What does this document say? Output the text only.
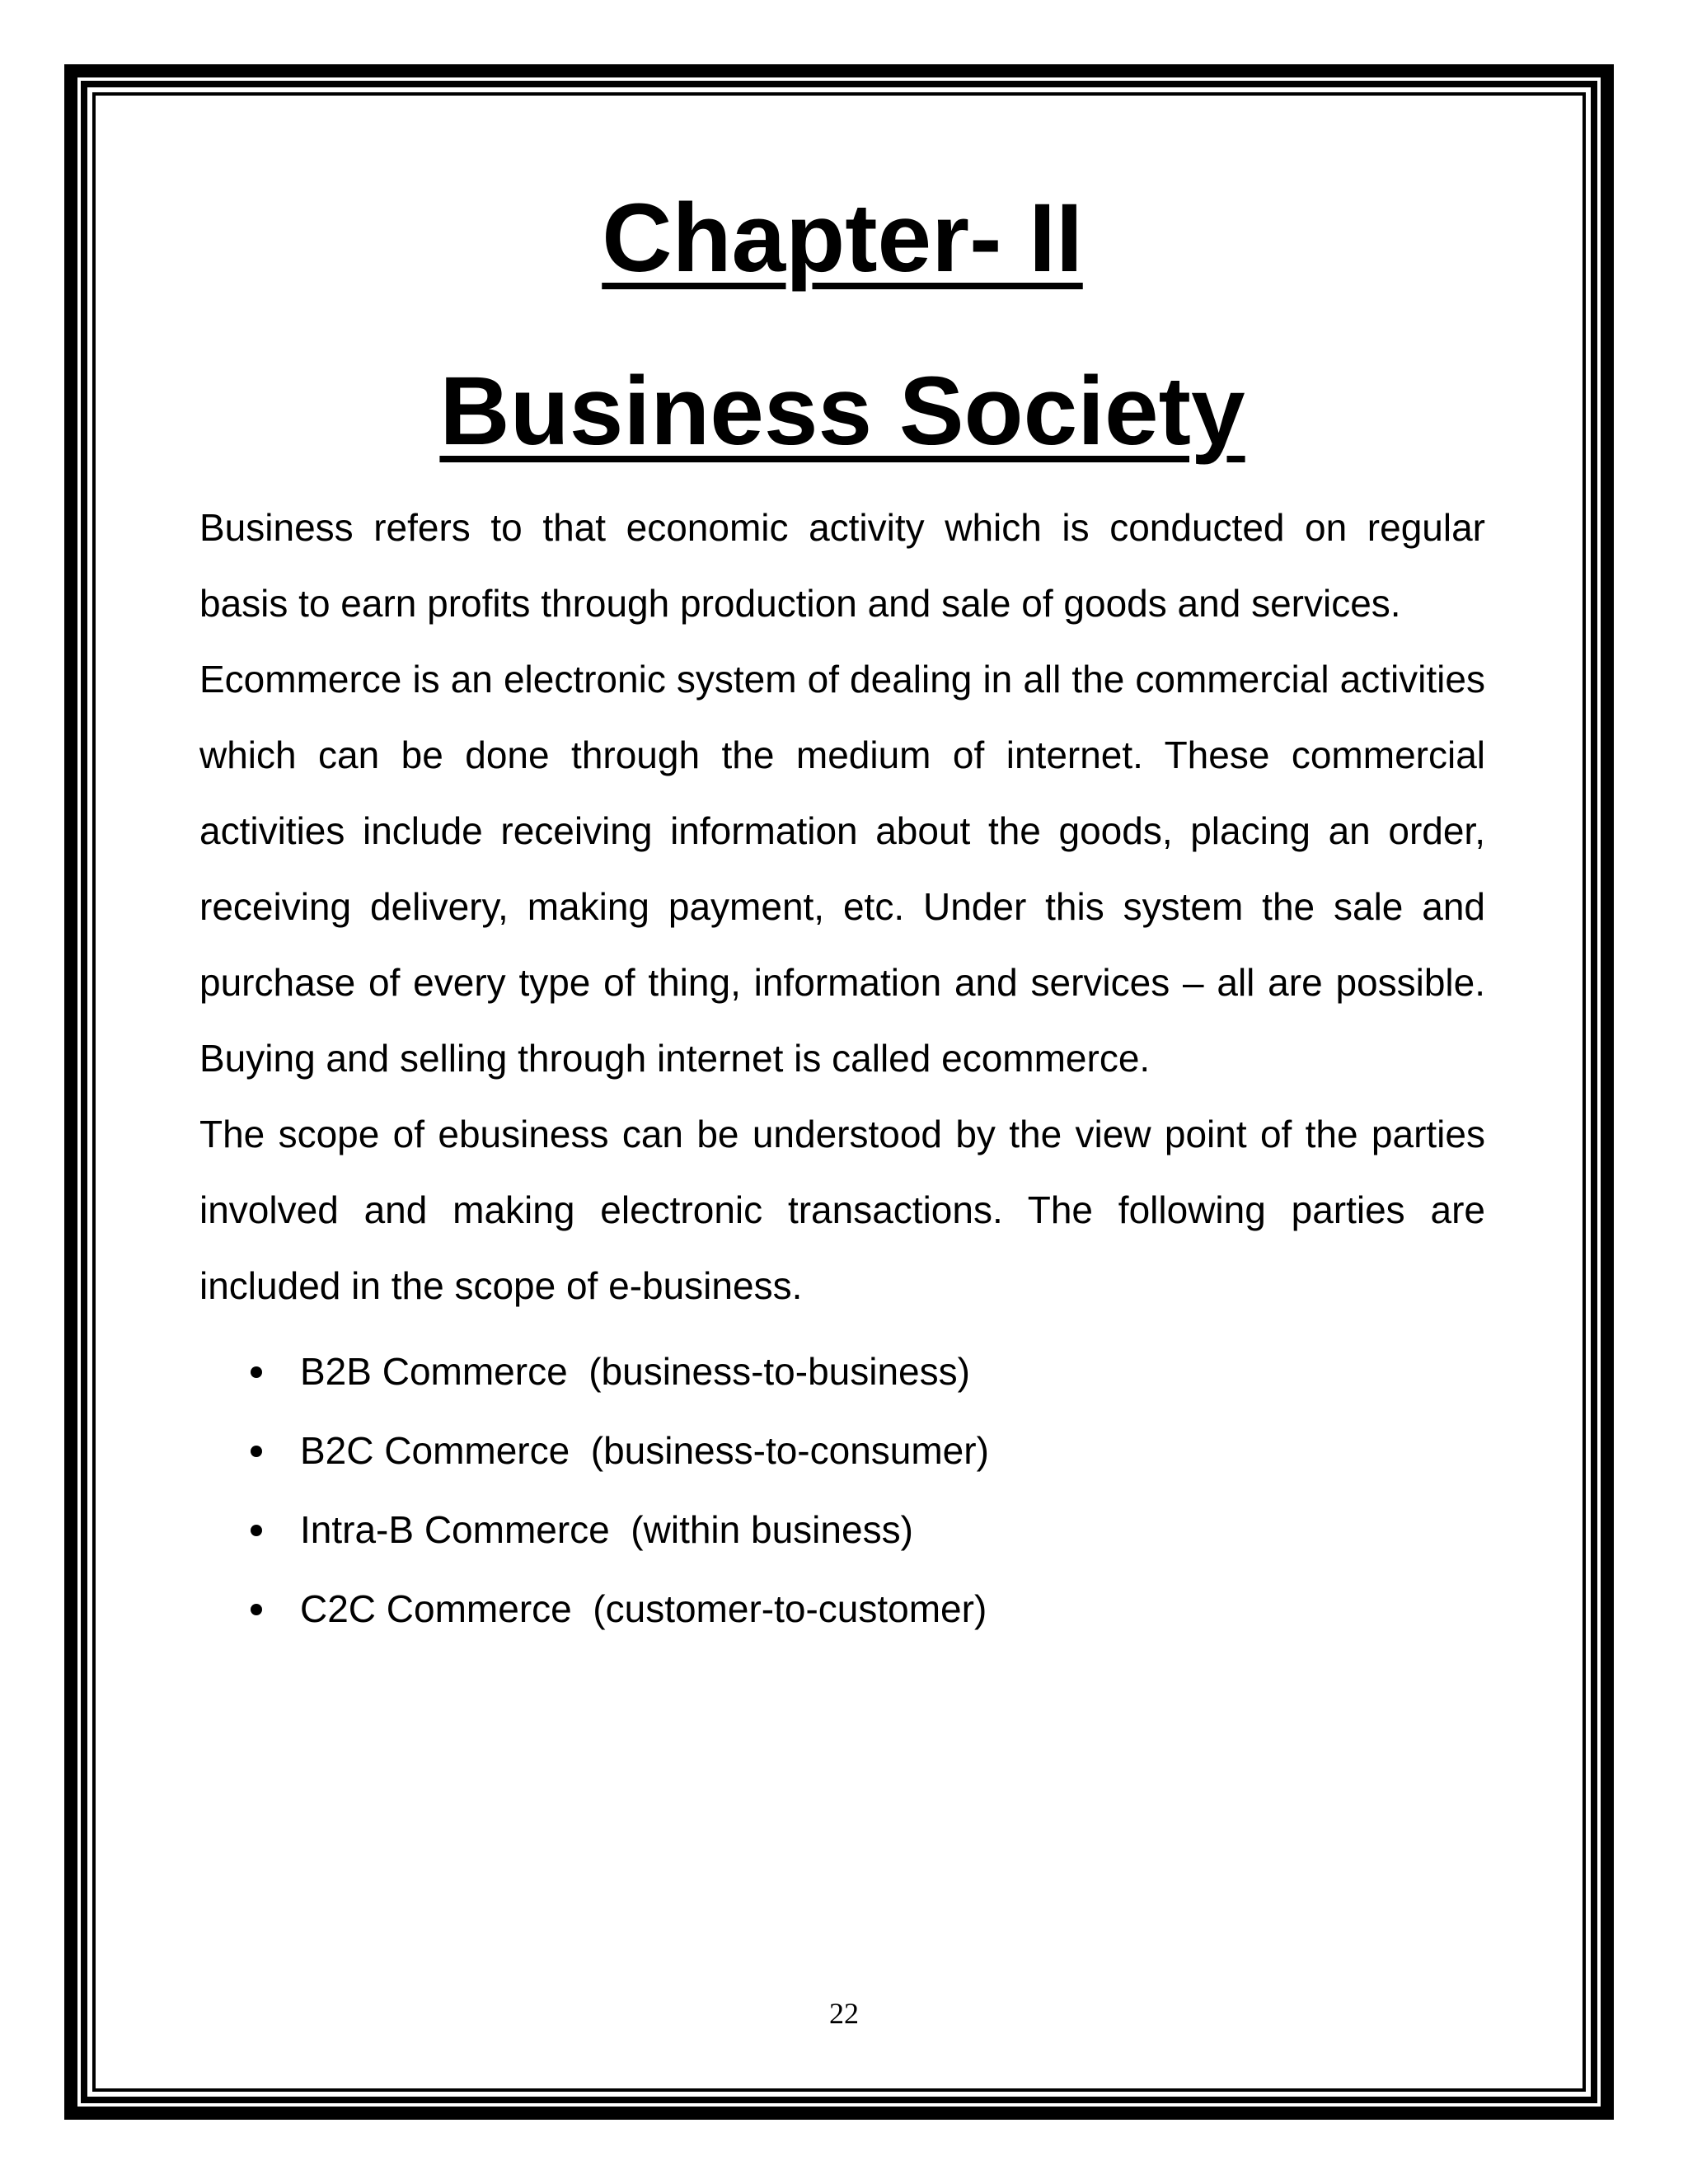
Chapter- II
Business Society

Business refers to that economic activity which is conducted on regular basis to earn profits through production and sale of goods and services.

Ecommerce is an electronic system of dealing in all the commercial activities which can be done through the medium of internet. These commercial activities include receiving information about the goods, placing an order, receiving delivery, making payment, etc. Under this system the sale and purchase of every type of thing, information and services – all are possible. Buying and selling through internet is called ecommerce.

The scope of ebusiness can be understood by the view point of the parties involved and making electronic transactions. The following parties are included in the scope of e-business.

B2B Commerce  (business-to-business)
B2C Commerce  (business-to-consumer)
Intra-B Commerce  (within business)
C2C Commerce  (customer-to-customer)
22
